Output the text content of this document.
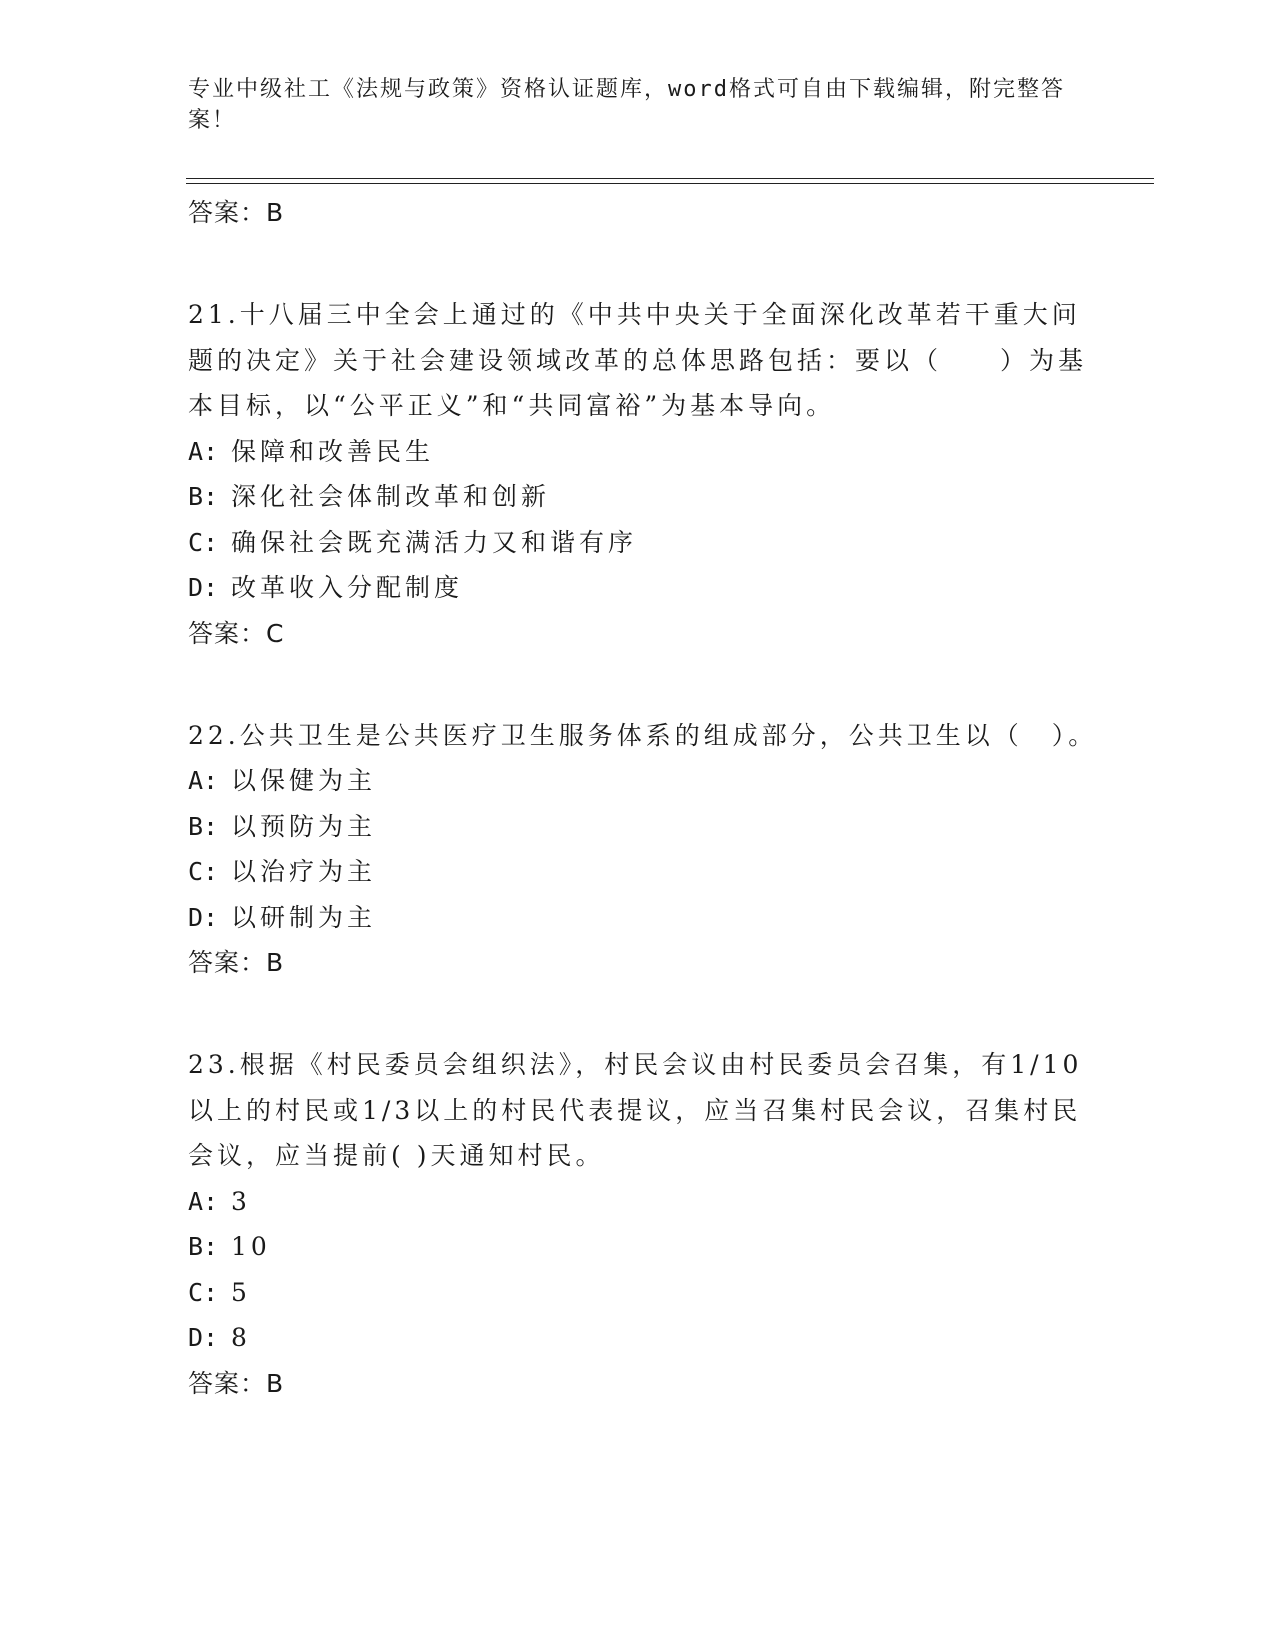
专业中级社工《法规与政策》资格认证题库，word格式可自由下载编辑，附完整答案！
答案：B

21.十八届三中全会上通过的《中共中央关于全面深化改革若干重大问题的决定》关于社会建设领域改革的总体思路包括：要以（　　）为基本目标，以“公平正义”和“共同富裕”为基本导向。

A: 保障和改善民生
B: 深化社会体制改革和创新
C: 确保社会既充满活力又和谐有序
D: 改革收入分配制度
答案：C

22.公共卫生是公共医疗卫生服务体系的组成部分，公共卫生以（　）。

A: 以保健为主
B: 以预防为主
C: 以治疗为主
D: 以研制为主
答案：B

23.根据《村民委员会组织法》，村民会议由村民委员会召集，有1/10以上的村民或1/3以上的村民代表提议，应当召集村民会议，召集村民会议，应当提前( )天通知村民。

A: 3
B: 10
C: 5
D: 8
答案：B
